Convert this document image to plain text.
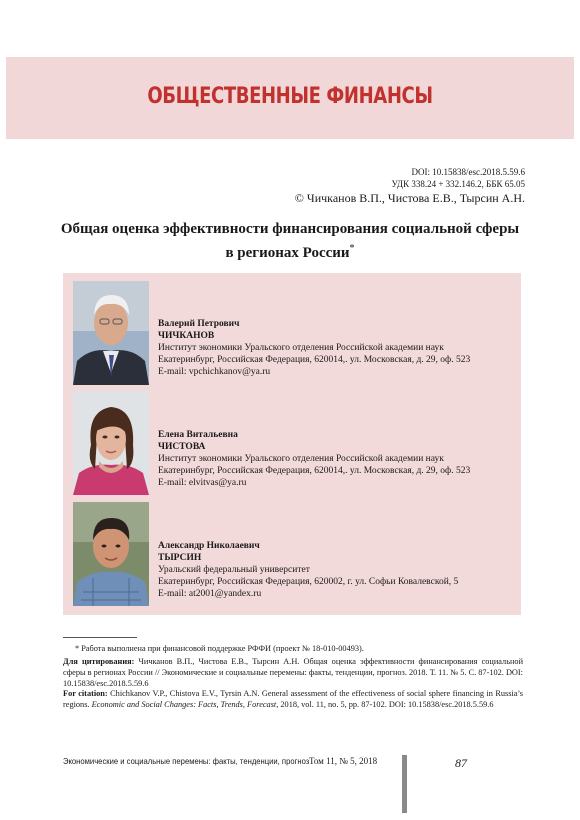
ОБЩЕСТВЕННЫЕ ФИНАНСЫ
DOI: 10.15838/esc.2018.5.59.6
УДК 338.24 + 332.146.2, ББК 65.05
© Чичканов В.П., Чистова Е.В., Тырсин А.Н.
Общая оценка эффективности финансирования социальной сферы
в регионах России*
Валерий Петрович
ЧИЧКАНОВ
Институт экономики Уральского отделения Российской академии наук
Екатеринбург, Российская Федерация, 620014,. ул. Московская, д. 29, оф. 523
E-mail: vpchichkanov@ya.ru
Елена Витальевна
ЧИСТОВА
Институт экономики Уральского отделения Российской академии наук
Екатеринбург, Российская Федерация, 620014,. ул. Московская, д. 29, оф. 523
E-mail: elvitvas@ya.ru
Александр Николаевич
ТЫРСИН
Уральский федеральный университет
Екатеринбург, Российская Федерация, 620002, г. ул. Софьи Ковалевской, 5
E-mail: at2001@yandex.ru
* Работа выполнена при финансовой поддержке РФФИ (проект № 18-010-00493).
Для цитирования: Чичканов В.П., Чистова Е.В., Тырсин А.Н. Общая оценка эффективности финансирования социальной сферы в регионах России // Экономические и социальные перемены: факты, тенденции, прогноз. 2018. Т. 11. № 5. С. 87-102. DOI: 10.15838/esc.2018.5.59.6
For citation: Chichkanov V.P., Chistova E.V., Tyrsin A.N. General assessment of the effectiveness of social sphere financing in Russia’s regions. Economic and Social Changes: Facts, Trends, Forecast, 2018, vol. 11, no. 5, pp. 87-102. DOI: 10.15838/esc.2018.5.59.6
Экономические и социальные перемены: факты, тенденции, прогноз Том 11, № 5, 2018	87
